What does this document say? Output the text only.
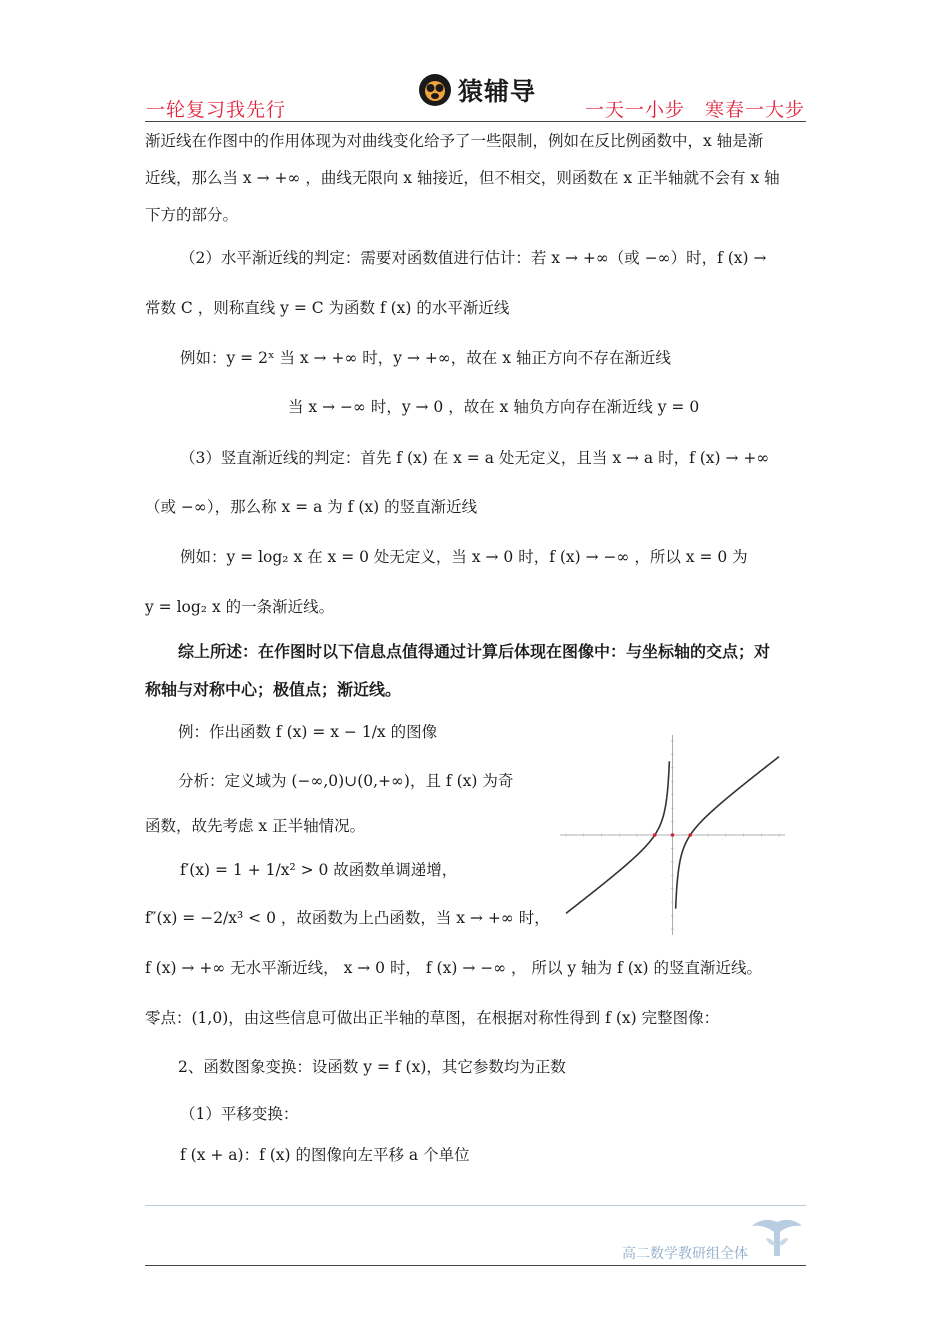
一轮复习我先行
猿辅导
一天一小步　寒春一大步
渐近线在作图中的作用体现为对曲线变化给予了一些限制，例如在反比例函数中，x 轴是渐
近线，那么当 x → +∞ ，曲线无限向 x 轴接近，但不相交，则函数在 x 正半轴就不会有 x 轴
下方的部分。
（2）水平渐近线的判定：需要对函数值进行估计：若 x → +∞（或 −∞）时，f (x) →
常数 C ，则称直线 y = C 为函数 f (x) 的水平渐近线
例如：y = 2ˣ 当 x → +∞ 时，y → +∞，故在 x 轴正方向不存在渐近线
当 x → −∞ 时，y → 0 ，故在 x 轴负方向存在渐近线 y = 0
（3）竖直渐近线的判定：首先 f (x) 在 x = a 处无定义，且当 x → a 时，f (x) → +∞
（或 −∞），那么称 x = a 为 f (x) 的竖直渐近线
例如：y = log₂ x 在 x = 0 处无定义，当 x → 0 时，f (x) → −∞ ，所以 x = 0 为
y = log₂ x 的一条渐近线。
综上所述：在作图时以下信息点值得通过计算后体现在图像中：与坐标轴的交点；对
称轴与对称中心；极值点；渐近线。
例：作出函数 f (x) = x − 1/x 的图像
分析：定义域为 (−∞,0)∪(0,+∞)，且 f (x) 为奇
函数，故先考虑 x 正半轴情况。
f′(x) = 1 + 1/x² > 0 故函数单调递增，
f″(x) = −2/x³ < 0 ，故函数为上凸函数，当 x → +∞ 时，
f (x) → +∞ 无水平渐近线， x → 0 时， f (x) → −∞ ， 所以 y 轴为 f (x) 的竖直渐近线。
零点：(1,0)，由这些信息可做出正半轴的草图，在根据对称性得到 f (x) 完整图像：
2、函数图象变换：设函数 y = f (x)，其它参数均为正数
（1）平移变换：
f (x + a)：f (x) 的图像向左平移 a 个单位
高二数学教研组全体
